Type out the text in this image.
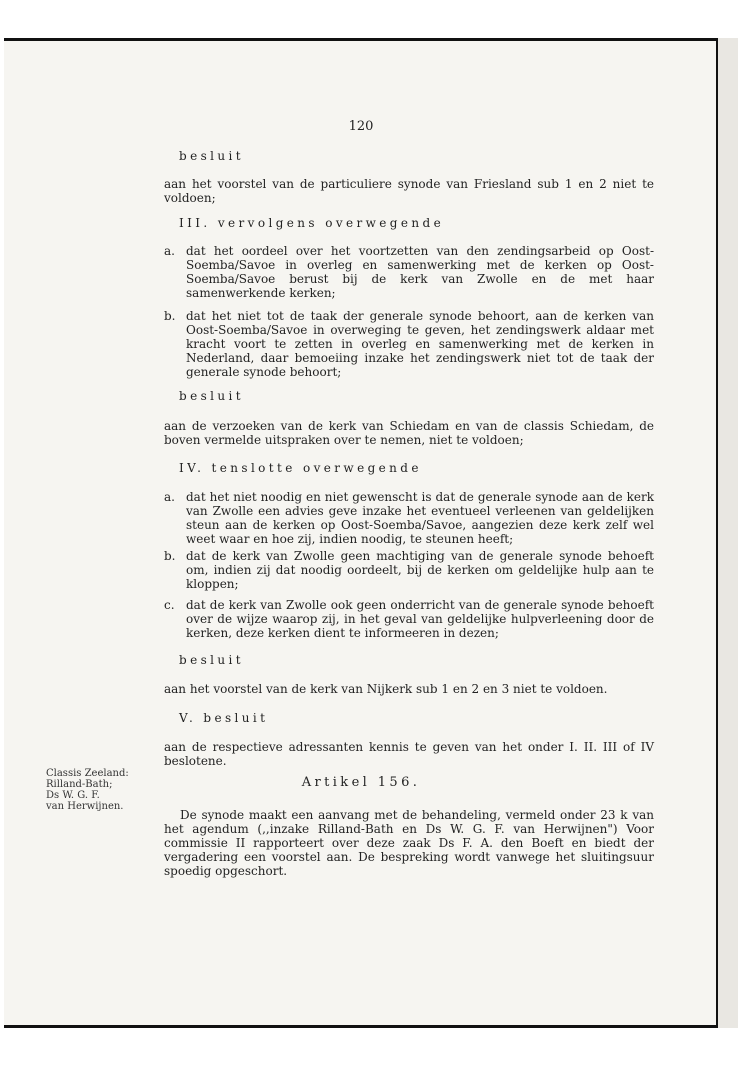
120
besluit
aan het voorstel van de particuliere synode van Friesland sub 1 en 2 niet te voldoen;
III. vervolgens overwegende
a. dat het oordeel over het voortzetten van den zendingsarbeid op Oost-Soemba/Savoe in overleg en samenwerking met de kerken op Oost-Soemba/Savoe berust bij de kerk van Zwolle en de met haar samenwerkende kerken;
b. dat het niet tot de taak der generale synode behoort, aan de kerken van Oost-Soemba/Savoe in overweging te geven, het zendingswerk aldaar met kracht voort te zetten in overleg en samenwerking met de kerken in Nederland, daar bemoeiing inzake het zendingswerk niet tot de taak der generale synode behoort;
besluit
aan de verzoeken van de kerk van Schiedam en van de classis Schiedam, de boven vermelde uitspraken over te nemen, niet te voldoen;
IV. tenslotte overwegende
a. dat het niet noodig en niet gewenscht is dat de generale synode aan de kerk van Zwolle een advies geve inzake het eventueel verleenen van geldelijken steun aan de kerken op Oost-Soemba/Savoe, aangezien deze kerk zelf wel weet waar en hoe zij, indien noodig, te steunen heeft;
b. dat de kerk van Zwolle geen machtiging van de generale synode behoeft om, indien zij dat noodig oordeelt, bij de kerken om geldelijke hulp aan te kloppen;
c. dat de kerk van Zwolle ook geen onderricht van de generale synode behoeft over de wijze waarop zij, in het geval van geldelijke hulpverleening door de kerken, deze kerken dient te informeeren in dezen;
besluit
aan het voorstel van de kerk van Nijkerk sub 1 en 2 en 3 niet te voldoen.
V. besluit
aan de respectieve adressanten kennis te geven van het onder I. II. III of IV beslotene.
Artikel 156.
De synode maakt een aanvang met de behandeling, vermeld onder 23 k van het agendum (,,inzake Rilland-Bath en Ds W. G. F. van Herwijnen") Voor commissie II rapporteert over deze zaak Ds F. A. den Boeft en biedt der vergadering een voorstel aan. De bespreking wordt vanwege het sluitingsuur spoedig opgeschort.
Classis Zeeland:
Rilland-Bath;
Ds W. G. F.
van Herwijnen.
